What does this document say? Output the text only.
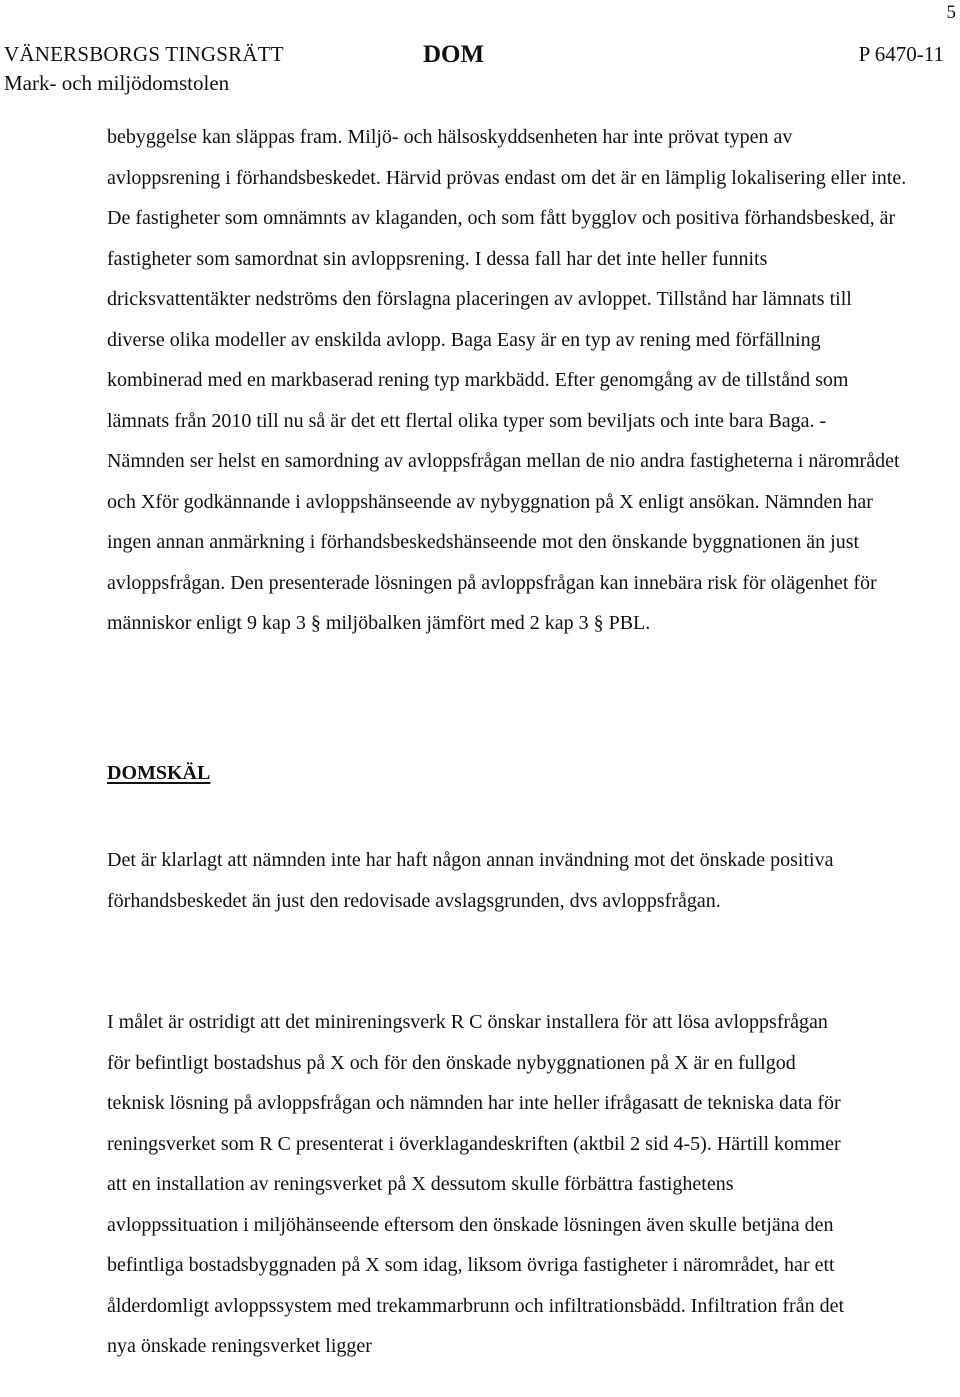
5
VÄNERSBORGS TINGSRÄTT
Mark- och miljödomstolen
DOM	P 6470-11

bebyggelse kan släppas fram. Miljö- och hälsoskyddsenheten har inte prövat typen av avloppsrening i förhandsbeskedet. Härvid prövas endast om det är en lämplig lokalisering eller inte. De fastigheter som omnämnts av klaganden, och som fått bygglov och positiva förhandsbesked, är fastigheter som samordnat sin avloppsrening. I dessa fall har det inte heller funnits dricksvattentäkter nedströms den förslagna placeringen av avloppet. Tillstånd har lämnats till diverse olika modeller av enskilda avlopp. Baga Easy är en typ av rening med förfällning kombinerad med en markbaserad rening typ markbädd. Efter genomgång av de tillstånd som lämnats från 2010 till nu så är det ett flertal olika typer som beviljats och inte bara Baga. - Nämnden ser helst en samordning av avloppsfrågan mellan de nio andra fastigheterna i närområdet och Xför godkännande i avloppshänseende av nybyggnation på X enligt ansökan. Nämnden har ingen annan anmärkning i förhandsbeskedshänseende mot den önskande byggnationen än just avloppsfrågan. Den presenterade lösningen på avloppsfrågan kan innebära risk för olägenhet för människor enligt 9 kap 3 § miljöbalken jämfört med 2 kap 3 § PBL.

DOMSKÄL

Det är klarlagt att nämnden inte har haft någon annan invändning mot det önskade positiva förhandsbeskedet än just den redovisade avslagsgrunden, dvs avloppsfrågan.

I målet är ostridigt att det minireningsverk R C önskar installera för att lösa avloppsfrågan för befintligt bostadshus på X och för den önskade nybyggnationen på X är en fullgod teknisk lösning på avloppsfrågan och nämnden har inte heller ifrågasatt de tekniska data för reningsverket som R C presenterat i överklagandeskriften (aktbil 2 sid 4-5). Härtill kommer att en installation av reningsverket på X dessutom skulle förbättra fastighetens avloppssituation i miljöhänseende eftersom den önskade lösningen även skulle betjäna den befintliga bostadsbyggnaden på X som idag, liksom övriga fastigheter i närområdet, har ett ålderdomligt avloppssystem med trekammarbrunn och infiltrationsbädd. Infiltration från det nya önskade reningsverket ligger
